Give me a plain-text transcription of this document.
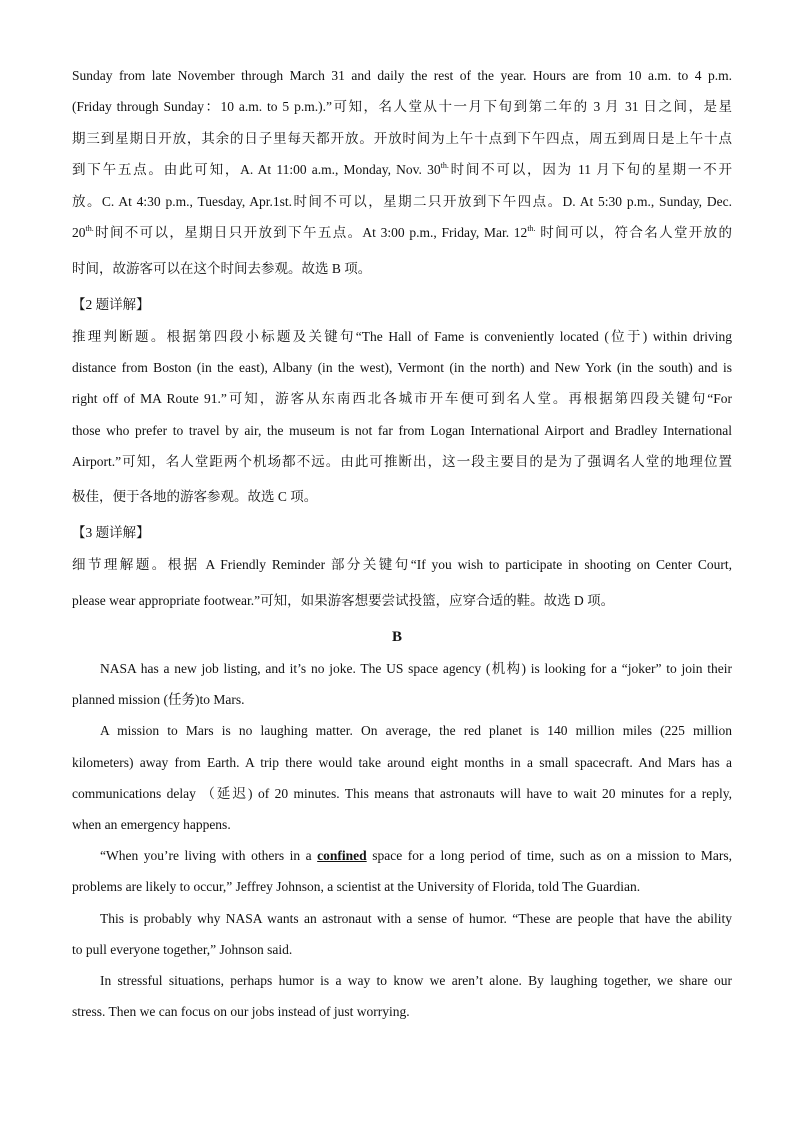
Sunday from late November through March 31 and daily the rest of the year. Hours are from 10 a.m. to 4 p.m.
(Friday through Sunday：10 a.m. to 5 p.m.).”可知，名人堂从十一月下旬到第二年的 3 月 31 日之间，是星
期三到星期日开放，其余的日子里每天都开放。开放时间为上午十点到下午四点，周五到周日是上午十点
到下午五点。由此可知，A. At 11:00 a.m., Monday, Nov. $30^{th.}$时间不可以，因为 11 月下旬的星期一不开
放。C. At 4:30 p.m., Tuesday, Apr.1st.时间不可以，星期二只开放到下午四点。D. At 5:30 p.m., Sunday, Dec.
$20^{th.}$时间不可以，星期日只开放到下午五点。At 3:00 p.m., Friday, Mar. $12^{th.}$ 时间可以，符合名人堂开放的
时间，故游客可以在这个时间去参观。故选 B 项。
【2 题详解】
推理判断题。根据第四段小标题及关键句“The Hall of Fame is conveniently located (位于) within driving
distance from Boston (in the east), Albany (in the west), Vermont (in the north) and New York (in the south) and is
right off of MA Route 91.”可知，游客从东南西北各城市开车便可到名人堂。再根据第四段关键句“For
those who prefer to travel by air, the museum is not far from Logan International Airport and Bradley International
Airport.”可知，名人堂距两个机场都不远。由此可推断出，这一段主要目的是为了强调名人堂的地理位置
极佳，便于各地的游客参观。故选 C 项。
【3 题详解】
细节理解题。根据 A Friendly Reminder 部分关键句“If you wish to participate in shooting on Center Court,
please wear appropriate footwear.”可知，如果游客想要尝试投篮，应穿合适的鞋。故选 D 项。
B
NASA has a new job listing, and it’s no joke. The US space agency (机构) is looking for a “joker” to join their
planned mission (任务)to Mars.
A mission to Mars is no laughing matter. On average, the red planet is 140 million miles (225 million
kilometers) away from Earth. A trip there would take around eight months in a small spacecraft. And Mars has a
communications delay （延迟) of 20 minutes. This means that astronauts will have to wait 20 minutes for a reply,
when an emergency happens.
“When you’re living with others in a confined space for a long period of time, such as on a mission to Mars,
problems are likely to occur,” Jeffrey Johnson, a scientist at the University of Florida, told The Guardian.
This is probably why NASA wants an astronaut with a sense of humor. “These are people that have the ability
to pull everyone together,” Johnson said.
In stressful situations, perhaps humor is a way to know we aren’t alone. By laughing together, we share our
stress. Then we can focus on our jobs instead of just worrying.
